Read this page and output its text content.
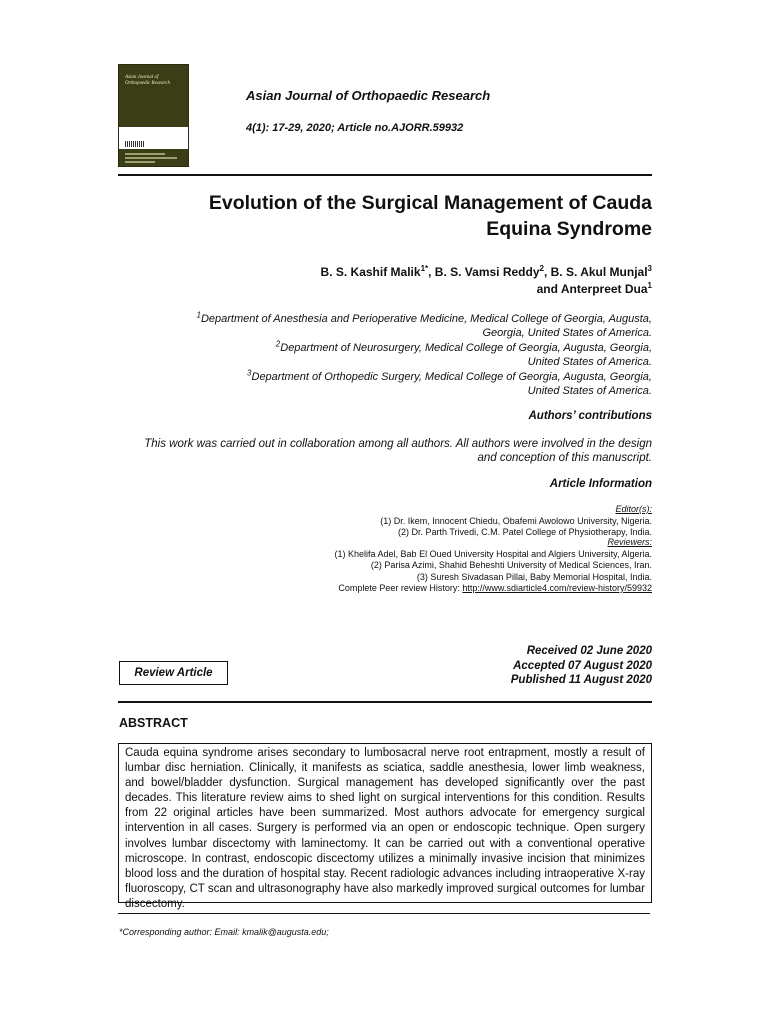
Asian Journal of
Orthopaedic Research
Asian Journal of Orthopaedic Research
4(1): 17-29, 2020; Article no.AJORR.59932
Evolution of the Surgical Management of Cauda
Equina Syndrome
B. S. Kashif Malik$^{1*}$, B. S. Vamsi Reddy$^2$, B. S. Akul Munjal$^3$
and Anterpreet Dua$^1$
$^1$Department of Anesthesia and Perioperative Medicine, Medical College of Georgia, Augusta,
Georgia, United States of America.
$^2$Department of Neurosurgery, Medical College of Georgia, Augusta, Georgia,
United States of America.
$^3$Department of Orthopedic Surgery, Medical College of Georgia, Augusta, Georgia,
United States of America.
Authors’ contributions
This work was carried out in collaboration among all authors. All authors were involved in the design
and conception of this manuscript.
Article Information
Editor(s):
(1) Dr. Ikem, Innocent Chiedu, Obafemi Awolowo University, Nigeria.
(2) Dr. Parth Trivedi, C.M. Patel College of Physiotherapy, India.
Reviewers:
(1) Khelifa Adel, Bab El Oued University Hospital and Algiers University, Algeria.
(2) Parisa Azimi, Shahid Beheshti University of Medical Sciences, Iran.
(3) Suresh Sivadasan Pillai, Baby Memorial Hospital, India.
Complete Peer review History: http://www.sdiarticle4.com/review-history/59932
Received 02 June 2020
Accepted 07 August 2020
Published 11 August 2020
Review Article
ABSTRACT
Cauda equina syndrome arises secondary to lumbosacral nerve root entrapment, mostly a result of lumbar disc herniation. Clinically, it manifests as sciatica, saddle anesthesia, lower limb weakness, and bowel/bladder dysfunction. Surgical management has developed significantly over the past decades. This literature review aims to shed light on surgical interventions for this condition. Results from 22 original articles have been summarized. Most authors advocate for emergency surgical intervention in all cases. Surgery is performed via an open or endoscopic technique. Open surgery involves lumbar discectomy with laminectomy. It can be carried out with a conventional operative microscope. In contrast, endoscopic discectomy utilizes a minimally invasive incision that minimizes blood loss and the duration of hospital stay. Recent radiologic advances including intraoperative X-ray fluoroscopy, CT scan and ultrasonography have also markedly improved surgical outcomes for lumbar discectomy.
*Corresponding author: Email: kmalik@augusta.edu;
